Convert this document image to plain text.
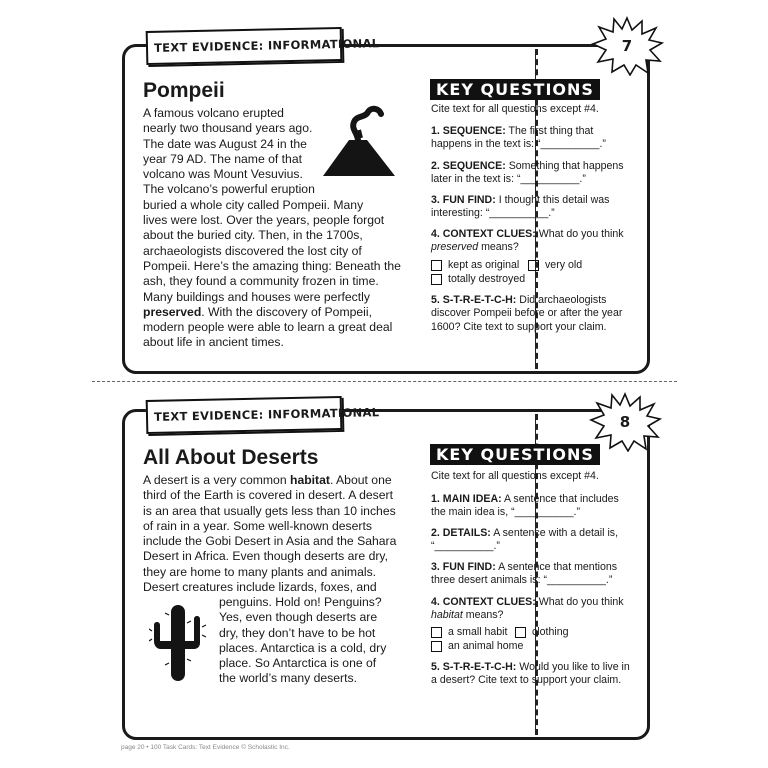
TEXT EVIDENCE: INFORMATIONAL	7
Pompeii
A famous volcano erupted
nearly two thousand years ago.
The date was August 24 in the
year 79 AD. The name of that
volcano was Mount Vesuvius.
The volcano’s powerful eruption
buried a whole city called Pompeii. Many
lives were lost. Over the years, people forgot
about the buried city. Then, in the 1700s,
archaeologists discovered the lost city of
Pompeii. Here’s the amazing thing: Beneath the
ash, they found a community frozen in time.
Many buildings and houses were perfectly
preserved. With the discovery of Pompeii,
modern people were able to learn a great deal
about life in ancient times.
KEY QUESTIONS

Cite text for all questions except #4.

1. SEQUENCE: The first thing that happens in the text is: “__________.”

2. SEQUENCE: Something that happens later in the text is: “__________.”

3. FUN FIND: I thought this detail was interesting: “__________.”

4. CONTEXT CLUES: What do you think preserved means?

kept as original very old
totally destroyed

5. S-T-R-E-T-C-H: Did archaeologists discover Pompeii before or after the year 1600? Cite text to support your claim.

TEXT EVIDENCE: INFORMATIONAL	8
All About Deserts
A desert is a very common habitat. About one
third of the Earth is covered in desert. A desert
is an area that usually gets less than 10 inches
of rain in a year. Some well-known deserts
include the Gobi Desert in Asia and the Sahara
Desert in Africa. Even though deserts are dry,
they are home to many plants and animals.
Desert creatures include lizards, foxes, and
penguins. Hold on! Penguins?
Yes, even though deserts are
dry, they don’t have to be hot
places. Antarctica is a cold, dry
place. So Antarctica is one of
the world’s many deserts.
KEY QUESTIONS

Cite text for all questions except #4.

1. MAIN IDEA: A sentence that includes the main idea is, “__________.”

2. DETAILS: A sentence with a detail is, “__________.”

3. FUN FIND: A sentence that mentions three desert animals is: “__________.”

4. CONTEXT CLUES: What do you think habitat means?

a small habit clothing
an animal home

5. S-T-R-E-T-C-H: Would you like to live in a desert? Cite text to support your claim.

page 20 • 100 Task Cards: Text Evidence © Scholastic Inc.
